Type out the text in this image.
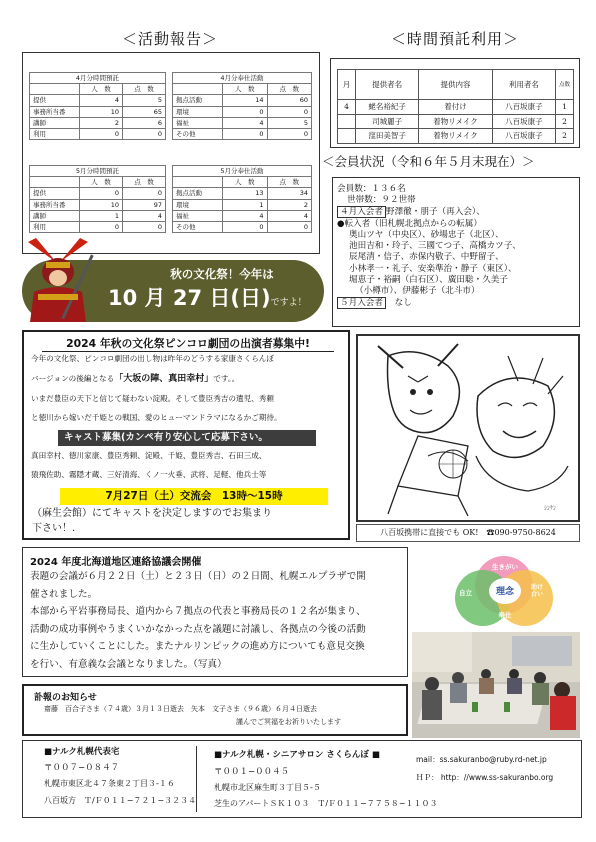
＜活動報告＞
4月分時間預託		
	人　数	点　数
提供	4	5
事務所当番	10	65
講師	2	6
利用	0	0
4月分奉仕活動		
	人　数	点　数
拠点活動	14	60
環境	0	0
福祉	4	5
その他	0	0
5月分時間預託		
	人　数	点　数
提供	0	0
事務所当番	10	97
講師	1	4
利用	0	0
5月分奉仕活動		
	人　数	点　数
拠点活動	13	34
環境	1	2
福祉	4	4
その他	0	0
＜時間預託利用＞
月	提供者名	提供内容	利用者名	点数
4	蛯名裕紀子	着付け	八百坂康子	1
	司城麗子	着物リメイク	八百坂康子	2
	窪田美智子	着物リメイク	八百坂康子	2
＜会員状況（令和６年５月末現在）＞
会員数：１３６名
世帯数：９２世帯
４月入会者 野澤徹・朋子（再入会）、
●転入者（旧札幌北拠点からの転属）
奥山ツヤ（中央区）、砂場忠子（北区）、
池田吉和・玲子、三國てつ子、高橋カツ子、
辰尾清・信子、赤保内敬子、中野留子、
小林孝一・礼子、安楽準治・静子（東区）、
堀恵子・裕嗣（白石区）、廣田聡・久美子
（小樽市）、伊藤彬子（北斗市）
５月入会者　 なし
秋の文化祭！今年は
10 月 27 日(日)ですよ！
2024 年秋の文化祭ピンコロ劇団の出演者募集中!
今年の文化祭、ピンコロ劇団の出し物は昨年のどうする家康さくらんぼ
バージョンの後編となる「大坂の陣、真田幸村」です。。
いまだ豊臣の天下と信じて疑わない淀殿。そして豊臣秀吉の遺児、秀頼
と徳川から嫁いだ千姫との戦国、愛のヒューマンドラマになるかご期待。
キャスト募集(カンペ有り安心して応募下さい。
真田幸村、徳川家康、豊臣秀頼、淀殿、千姫、豊臣秀吉、石田三成、
猿飛佐助、霧隠才蔵、三好清海、くノ一火垂、武将、足軽、他兵士等
7月27日（土）交流会　13時〜15時
（麻生会館）にてキャストを決定しますのでお集まり
下さい！.
ｼﾝｹﾝ
八百坂携帯に直接でも OK!　☎090-9750-8624
2024 年度北海道地区連絡協議会開催
表題の会議が６月２２日（土）と２３日（日）の２日間、札幌エルプラザで開
催されました。
本部から平岩事務局長、道内から７拠点の代表と事務局長の１２名が集まり、
活動の成功事例やうまくいかなかった点を議題に討議し、各拠点の今後の活動
に生かしていくことにした。またナルリンピックの進め方についても意見交換
を行い、有意義な会議となりました。（写真）
理念
生きがい
自立
助け合い
奉仕
訃報のお知らせ
齋藤　百合子さま（７４歳）３月１３日逝去　矢本　文子さま（９６歳）６月４日逝去
謹んでご冥福をお祈りいたします
■ナルク札幌代表宅
〒００７−０８４７
札幌市東区北４７条東２丁目３-１６
八百坂方　Ｔ/Ｆ０１１−７２１−３２３４
■ナルク札幌・シニアサロン さくらんぼ ■
〒００１−００４５
札幌市北区麻生町３丁目５-５
芝生のアパートＳＫ１０３　Ｔ/Ｆ０１１−７７５８−１１０３
mail：ss.sakuranbo@ruby.rd-net.jp
ＨＰ： http：//www.ss-sakuranbo.org
